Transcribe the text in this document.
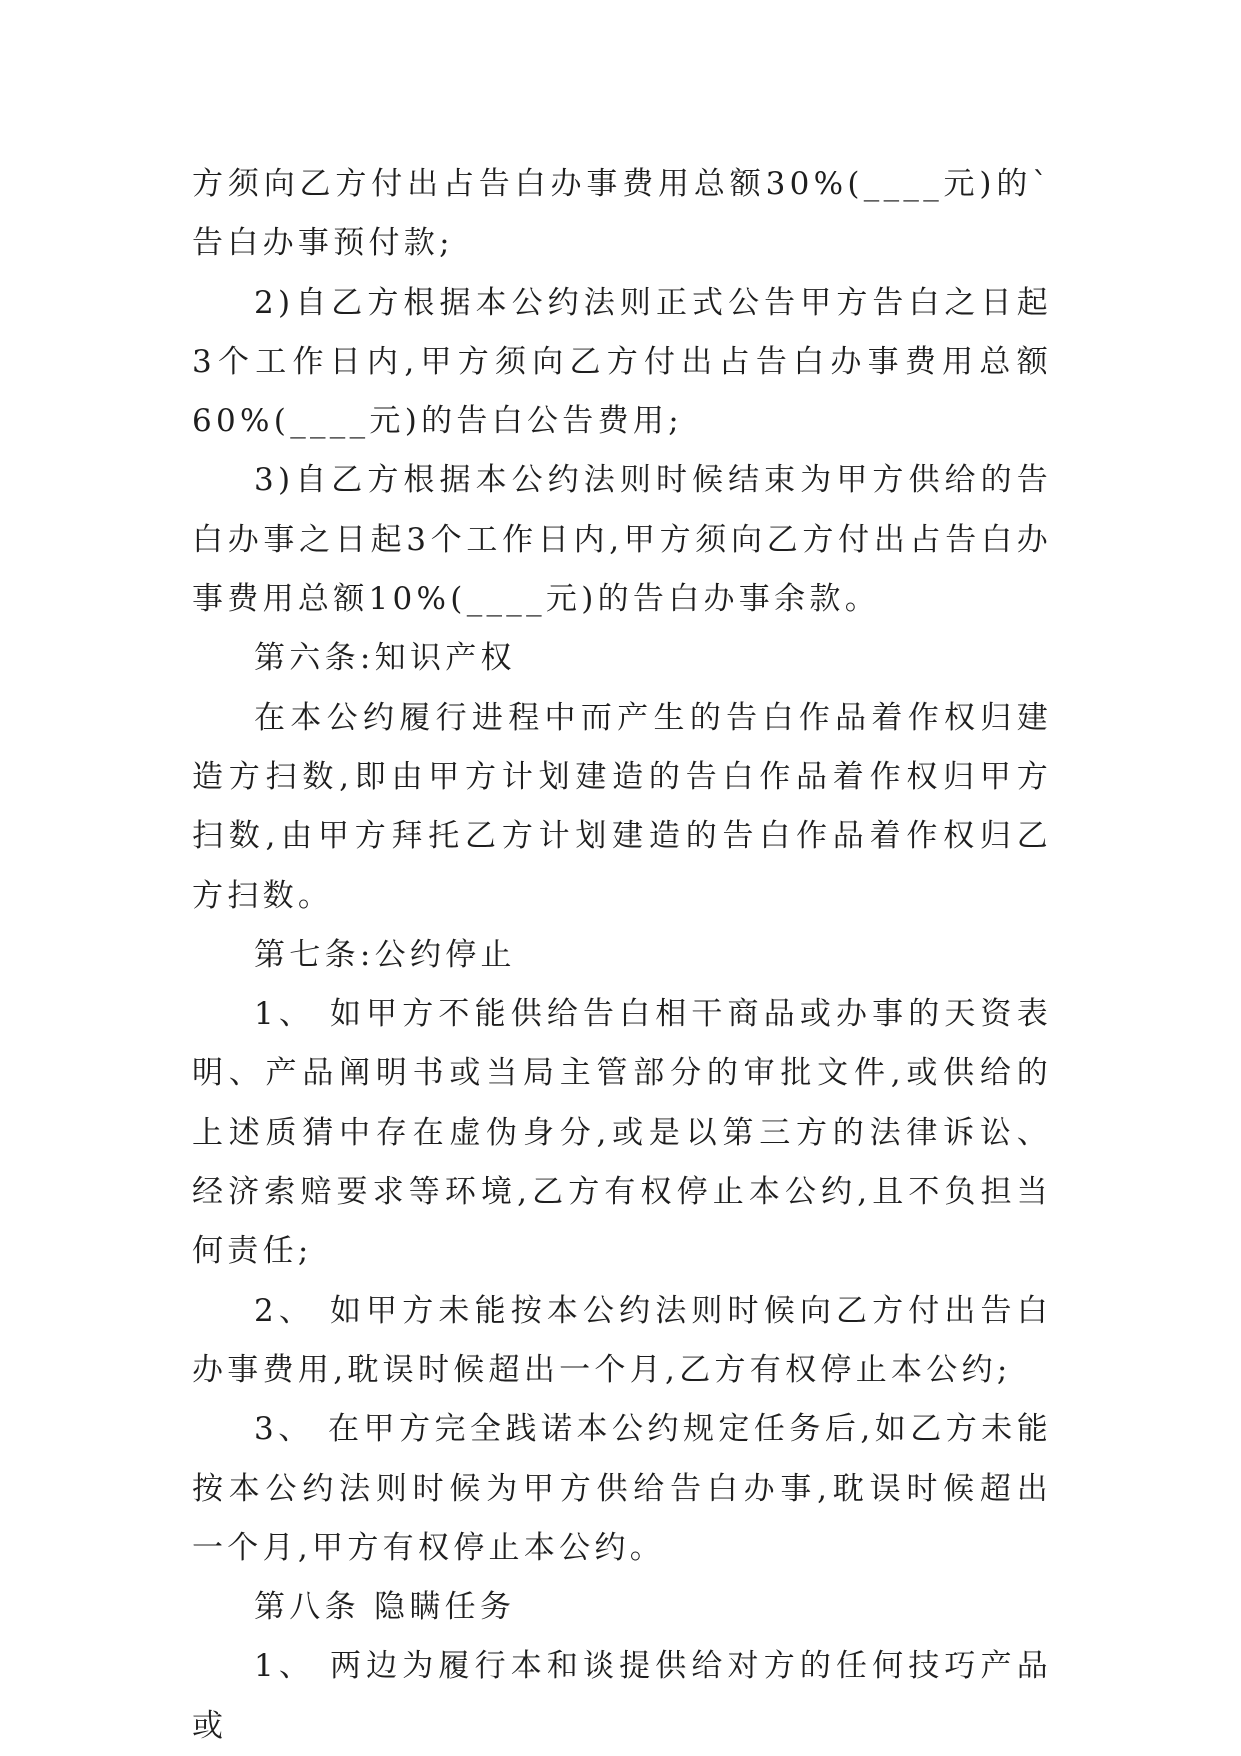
方须向乙方付出占告白办事费用总额30%(____元)的`告白办事预付款;

2)自乙方根据本公约法则正式公告甲方告白之日起3个工作日内,甲方须向乙方付出占告白办事费用总额60%(____元)的告白公告费用;

3)自乙方根据本公约法则时候结束为甲方供给的告白办事之日起3个工作日内,甲方须向乙方付出占告白办事费用总额10%(____元)的告白办事余款。

第六条:知识产权

在本公约履行进程中而产生的告白作品着作权归建造方扫数,即由甲方计划建造的告白作品着作权归甲方扫数,由甲方拜托乙方计划建造的告白作品着作权归乙方扫数。

第七条:公约停止

1、 如甲方不能供给告白相干商品或办事的天资表明、产品阐明书或当局主管部分的审批文件,或供给的上述质猜中存在虚伪身分,或是以第三方的法律诉讼、经济索赔要求等环境,乙方有权停止本公约,且不负担当何责任;

2、 如甲方未能按本公约法则时候向乙方付出告白办事费用,耽误时候超出一个月,乙方有权停止本公约;

3、 在甲方完全践诺本公约规定任务后,如乙方未能按本公约法则时候为甲方供给告白办事,耽误时候超出一个月,甲方有权停止本公约。

第八条 隐瞒任务

1、 两边为履行本和谈提供给对方的任何技巧产品或
